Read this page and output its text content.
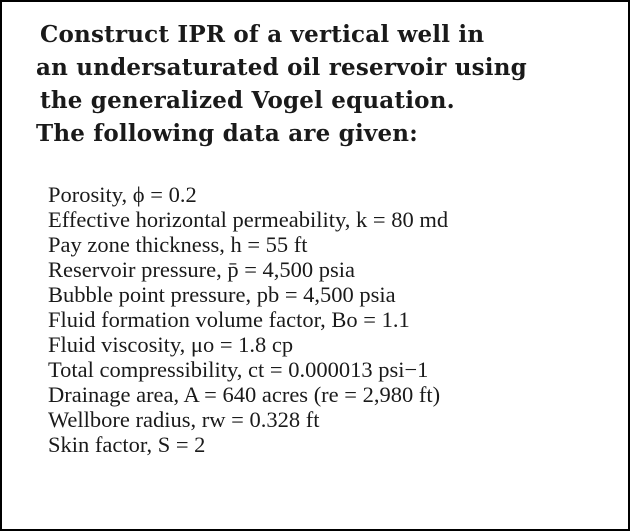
Construct IPR of a vertical well in
an undersaturated oil reservoir using
the generalized Vogel equation.
The following data are given:
Porosity, ϕ = 0.2
Effective horizontal permeability, k = 80 md
Pay zone thickness, h = 55 ft
Reservoir pressure, p̄ = 4,500 psia
Bubble point pressure, pb = 4,500 psia
Fluid formation volume factor, Bo = 1.1
Fluid viscosity, μo = 1.8 cp
Total compressibility, ct = 0.000013 psi−1
Drainage area, A = 640 acres (re = 2,980 ft)
Wellbore radius, rw = 0.328 ft
Skin factor, S = 2
